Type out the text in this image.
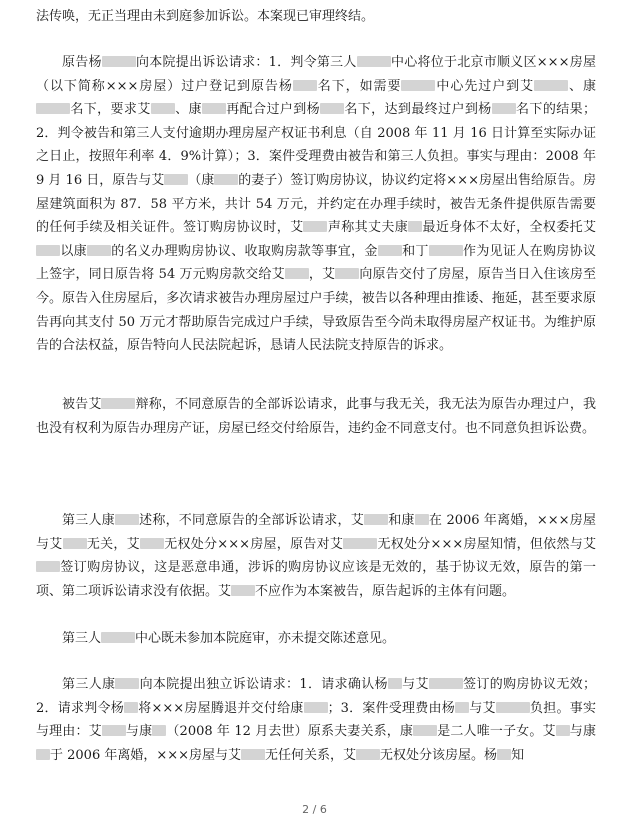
法传唤，无正当理由未到庭参加诉讼。本案现已审理终结。

原告杨	向本院提出诉讼请求：1．判令第三人	中心将位于北京市顺义区×××房屋（以下简称×××房屋）过户登记到原告杨 名下，如需要	中心先过户到艾	、康名下，要求艾 、康 再配合过户到杨 名下，达到最终过户到杨 名下的结果；2．判令被告和第三人支付逾期办理房屋产权证书利息（自 2008 年 11 月 16 日计算至实际办证之日止，按照年利率 4．9%计算）；3．案件受理费由被告和第三人负担。事实与理由：2008 年 9 月 16 日，原告与艾 （康 的妻子）签订购房协议，协议约定将×××房屋出售给原告。房屋建筑面积为 87．58 平方米，共计 54 万元，并约定在办理手续时，被告无条件提供原告需要的任何手续及相关证件。签订购房协议时，艾 声称其丈夫康 最近身体不太好，全权委托艾以康 的名义办理购房协议、收取购房款等事宜，金 和丁	作为见证人在购房协议上签字，同日原告将 54 万元购房款交给艾 ，艾 向原告交付了房屋，原告当日入住该房至今。原告入住房屋后，多次请求被告办理房屋过户手续，被告以各种理由推诿、拖延，甚至要求原告再向其支付 50 万元才帮助原告完成过户手续，导致原告至今尚未取得房屋产权证书。为维护原告的合法权益，原告特向人民法院起诉，恳请人民法院支持原告的诉求。

被告艾	辩称，不同意原告的全部诉讼请求，此事与我无关，我无法为原告办理过户，我也没有权利为原告办理房产证，房屋已经交付给原告，违约金不同意支付。也不同意负担诉讼费。

第三人康 述称，不同意原告的全部诉讼请求，艾 和康 在 2006 年离婚，×××房屋与艾 无关，艾 无权处分×××房屋，原告对艾	无权处分×××房屋知情，但依然与艾签订购房协议，这是恶意串通，涉诉的购房协议应该是无效的，基于协议无效，原告的第一项、第二项诉讼请求没有依据。艾 不应作为本案被告，原告起诉的主体有问题。

第三人	中心既未参加本院庭审，亦未提交陈述意见。

第三人康 向本院提出独立诉讼请求：1．请求确认杨 与艾	签订的购房协议无效；2．请求判令杨 将×××房屋腾退并交付给康 ；3．案件受理费由杨 与艾	负担。事实与理由：艾 与康 （2008 年 12 月去世）原系夫妻关系，康 是二人唯一子女。艾 与康于 2006 年离婚，×××房屋与艾 无任何关系，艾 无权处分该房屋。杨 知

2 / 6
